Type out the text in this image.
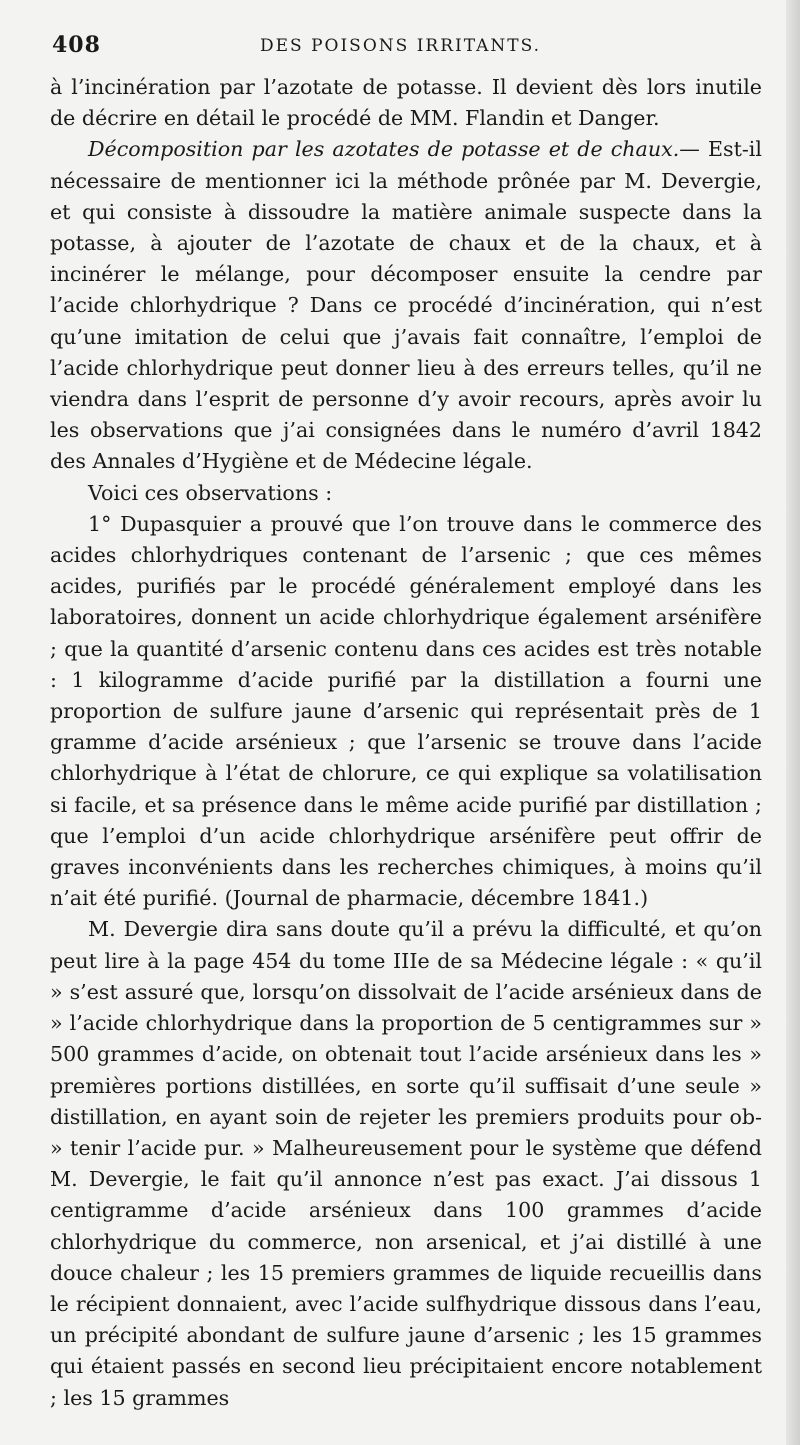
408	DES POISONS IRRITANTS.

à l’incinération par l’azotate de potasse. Il devient dès lors inutile de décrire en détail le procédé de MM. Flandin et Danger.

Décomposition par les azotates de potasse et de chaux.— Est-il nécessaire de mentionner ici la méthode prônée par M. Devergie, et qui consiste à dissoudre la matière animale suspecte dans la potasse, à ajouter de l’azotate de chaux et de la chaux, et à incinérer le mélange, pour décomposer ensuite la cendre par l’acide chlorhydrique ? Dans ce procédé d’incinération, qui n’est qu’une imitation de celui que j’avais fait connaître, l’emploi de l’acide chlorhydrique peut donner lieu à des erreurs telles, qu’il ne viendra dans l’esprit de personne d’y avoir recours, après avoir lu les observations que j’ai consignées dans le numéro d’avril 1842 des Annales d’Hygiène et de Médecine légale.

Voici ces observations :

1° Dupasquier a prouvé que l’on trouve dans le commerce des acides chlorhydriques contenant de l’arsenic ; que ces mêmes acides, purifiés par le procédé généralement employé dans les laboratoires, donnent un acide chlorhydrique également arsénifère ; que la quantité d’arsenic contenu dans ces acides est très notable : 1 kilogramme d’acide purifié par la distillation a fourni une proportion de sulfure jaune d’arsenic qui représentait près de 1 gramme d’acide arsénieux ; que l’arsenic se trouve dans l’acide chlorhydrique à l’état de chlorure, ce qui explique sa volatilisation si facile, et sa présence dans le même acide purifié par distillation ; que l’emploi d’un acide chlorhydrique arsénifère peut offrir de graves inconvénients dans les recherches chimiques, à moins qu’il n’ait été purifié. (Journal de pharmacie, décembre 1841.)

M. Devergie dira sans doute qu’il a prévu la difficulté, et qu’on peut lire à la page 454 du tome IIIe de sa Médecine légale : « qu’il » s’est assuré que, lorsqu’on dissolvait de l’acide arsénieux dans de » l’acide chlorhydrique dans la proportion de 5 centigrammes sur » 500 grammes d’acide, on obtenait tout l’acide arsénieux dans les » premières portions distillées, en sorte qu’il suffisait d’une seule » distillation, en ayant soin de rejeter les premiers produits pour ob- » tenir l’acide pur. » Malheureusement pour le système que défend M. Devergie, le fait qu’il annonce n’est pas exact. J’ai dissous 1 centigramme d’acide arsénieux dans 100 grammes d’acide chlorhydrique du commerce, non arsenical, et j’ai distillé à une douce chaleur ; les 15 premiers grammes de liquide recueillis dans le récipient donnaient, avec l’acide sulfhydrique dissous dans l’eau, un précipité abondant de sulfure jaune d’arsenic ; les 15 grammes qui étaient passés en second lieu précipitaient encore notablement ; les 15 grammes
